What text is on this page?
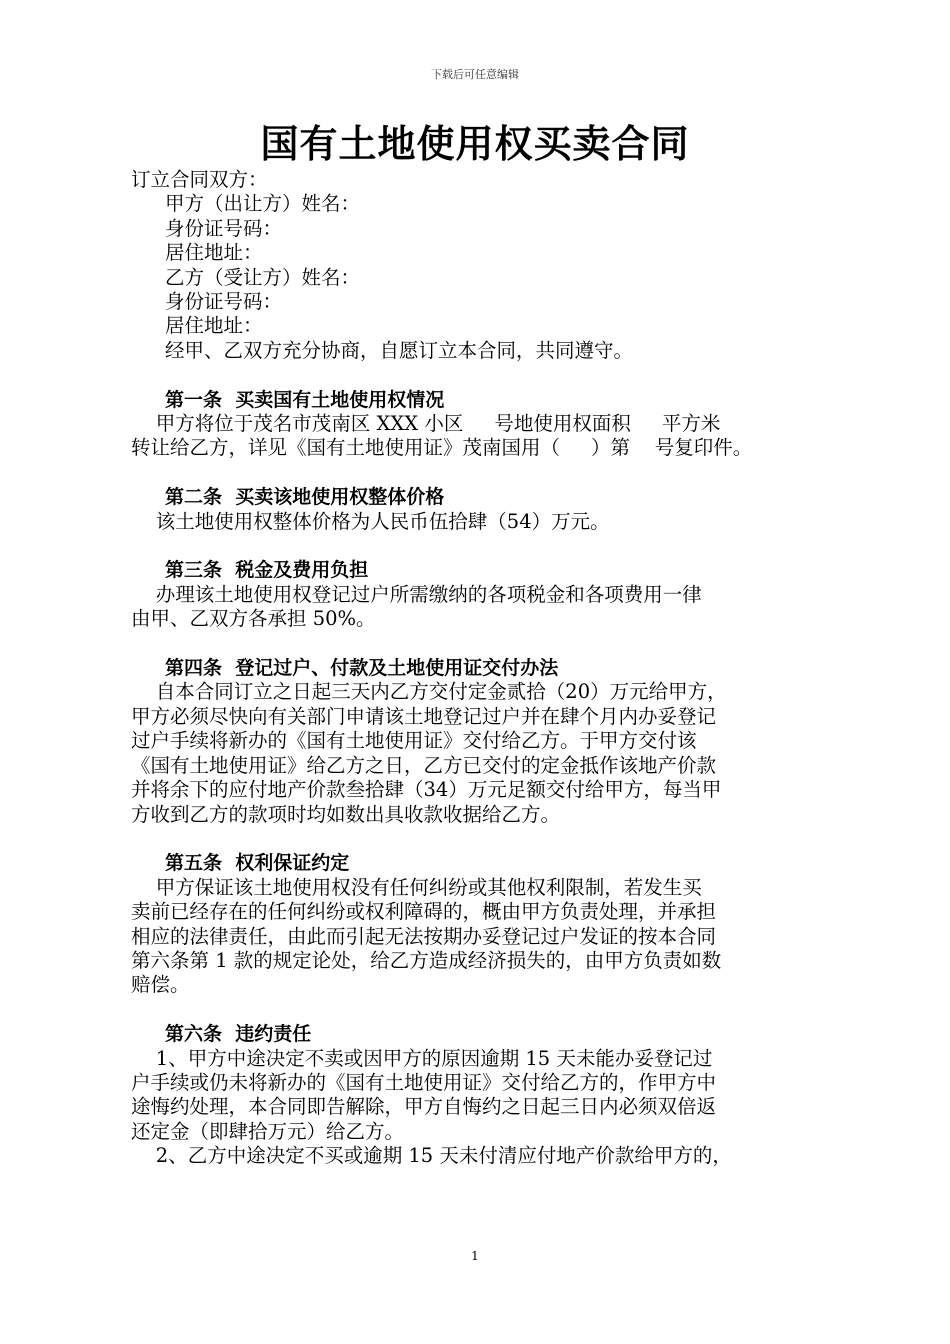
下载后可任意编辑
国有土地使用权买卖合同
订立合同双方：
甲方（出让方）姓名：
身份证号码：
居住地址：
乙方（受让方）姓名：
身份证号码：
居住地址：
经甲、乙双方充分协商，自愿订立本合同，共同遵守。
第一条  买卖国有土地使用权情况
甲方将位于茂名市茂南区 XXX 小区     号地使用权面积     平方米
转让给乙方，详见《国有土地使用证》茂南国用（     ）第    号复印件。
第二条  买卖该地使用权整体价格
该土地使用权整体价格为人民币伍拾肆（54）万元。
第三条  税金及费用负担
办理该土地使用权登记过户所需缴纳的各项税金和各项费用一律
由甲、乙双方各承担 50%。
第四条  登记过户、付款及土地使用证交付办法
自本合同订立之日起三天内乙方交付定金贰拾（20）万元给甲方，
甲方必须尽快向有关部门申请该土地登记过户并在肆个月内办妥登记
过户手续将新办的《国有土地使用证》交付给乙方。于甲方交付该
《国有土地使用证》给乙方之日，乙方已交付的定金抵作该地产价款
并将余下的应付地产价款叁拾肆（34）万元足额交付给甲方，每当甲
方收到乙方的款项时均如数出具收款收据给乙方。
第五条  权利保证约定
甲方保证该土地使用权没有任何纠纷或其他权利限制，若发生买
卖前已经存在的任何纠纷或权利障碍的，概由甲方负责处理，并承担
相应的法律责任，由此而引起无法按期办妥登记过户发证的按本合同
第六条第 1 款的规定论处，给乙方造成经济损失的，由甲方负责如数
赔偿。
第六条  违约责任
1、甲方中途决定不卖或因甲方的原因逾期 15 天未能办妥登记过
户手续或仍未将新办的《国有土地使用证》交付给乙方的，作甲方中
途悔约处理，本合同即告解除，甲方自悔约之日起三日内必须双倍返
还定金（即肆拾万元）给乙方。
2、乙方中途决定不买或逾期 15 天未付清应付地产价款给甲方的，
1
